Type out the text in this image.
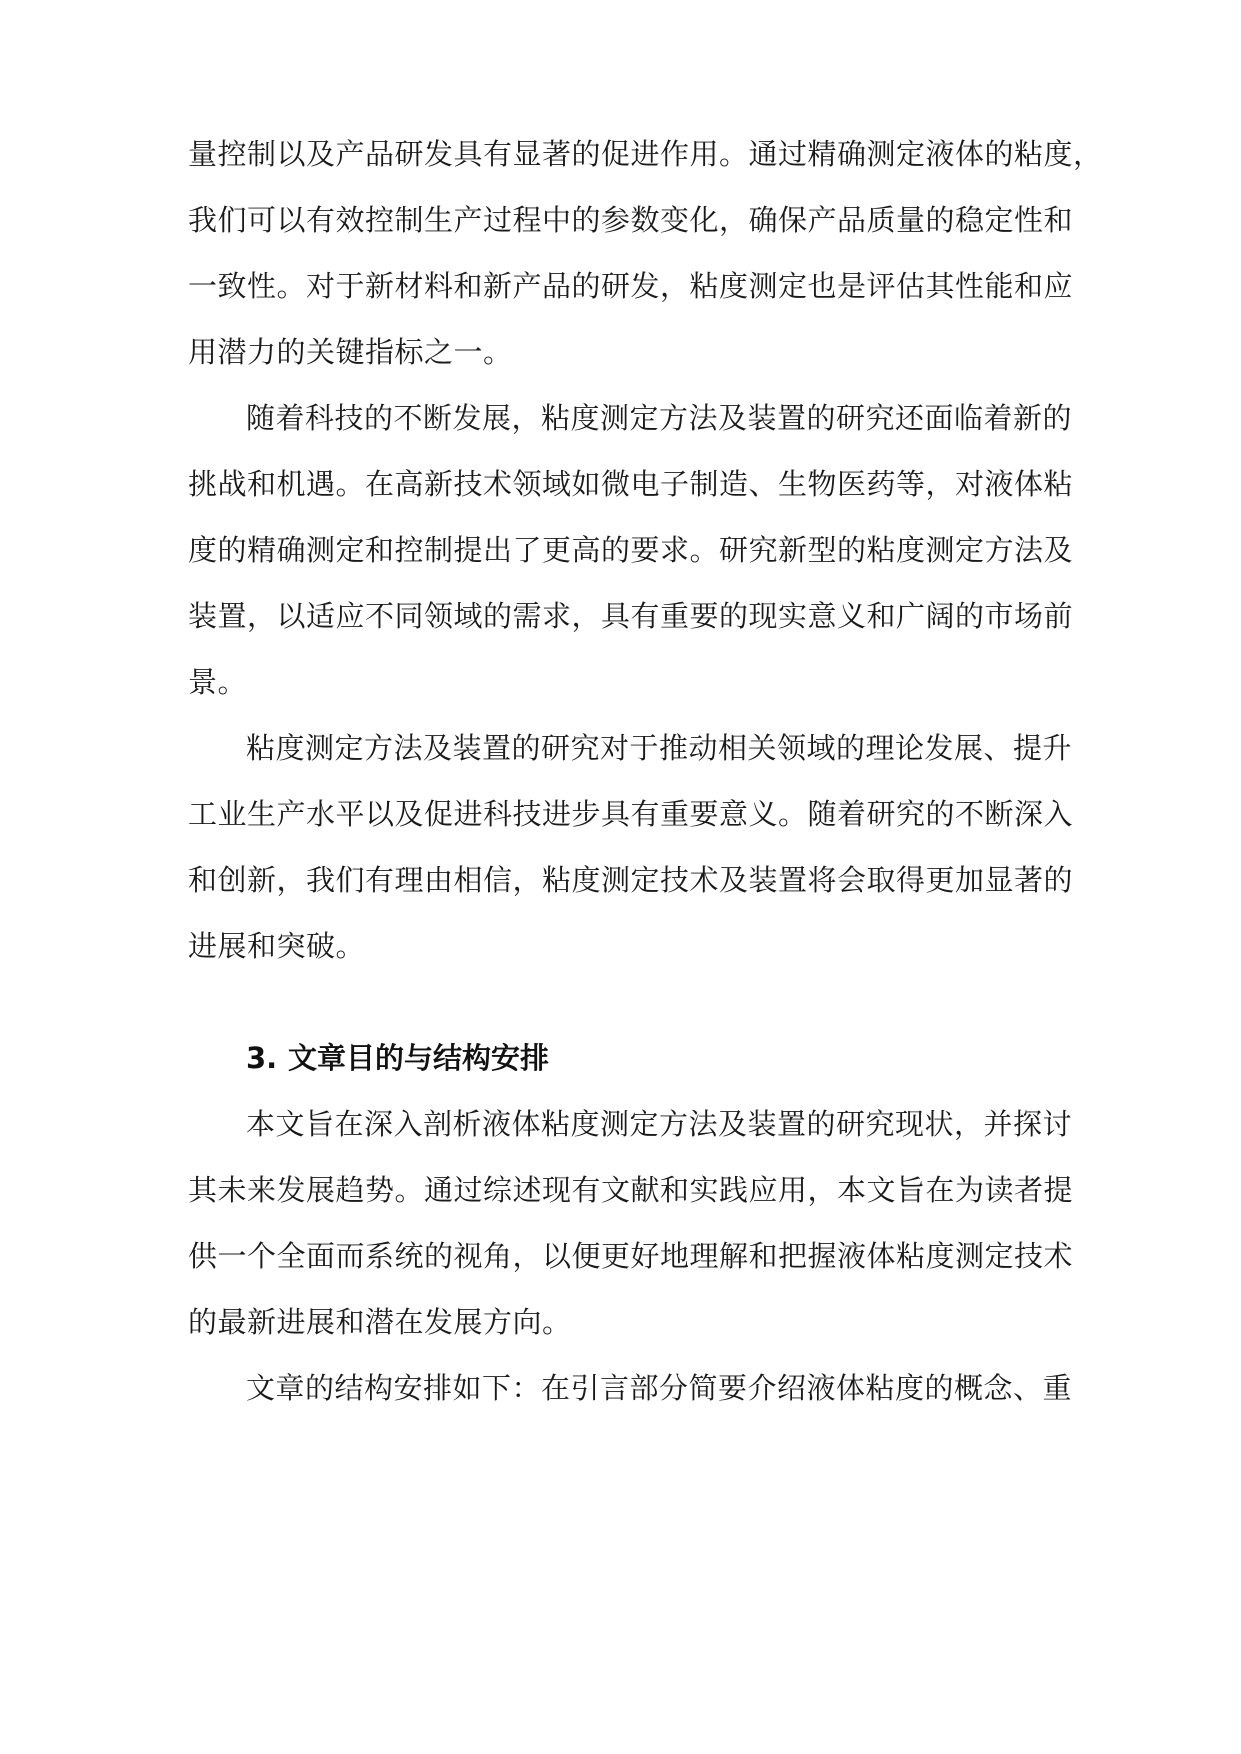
量控制以及产品研发具有显著的促进作用。通过精确测定液体的粘度，
我们可以有效控制生产过程中的参数变化，确保产品质量的稳定性和
一致性。对于新材料和新产品的研发，粘度测定也是评估其性能和应
用潜力的关键指标之一。
随着科技的不断发展，粘度测定方法及装置的研究还面临着新的
挑战和机遇。在高新技术领域如微电子制造、生物医药等，对液体粘
度的精确测定和控制提出了更高的要求。研究新型的粘度测定方法及
装置，以适应不同领域的需求，具有重要的现实意义和广阔的市场前
景。
粘度测定方法及装置的研究对于推动相关领域的理论发展、提升
工业生产水平以及促进科技进步具有重要意义。随着研究的不断深入
和创新，我们有理由相信，粘度测定技术及装置将会取得更加显著的
进展和突破。
3. 文章目的与结构安排
本文旨在深入剖析液体粘度测定方法及装置的研究现状，并探讨
其未来发展趋势。通过综述现有文献和实践应用，本文旨在为读者提
供一个全面而系统的视角，以便更好地理解和把握液体粘度测定技术
的最新进展和潜在发展方向。
文章的结构安排如下：在引言部分简要介绍液体粘度的概念、重
